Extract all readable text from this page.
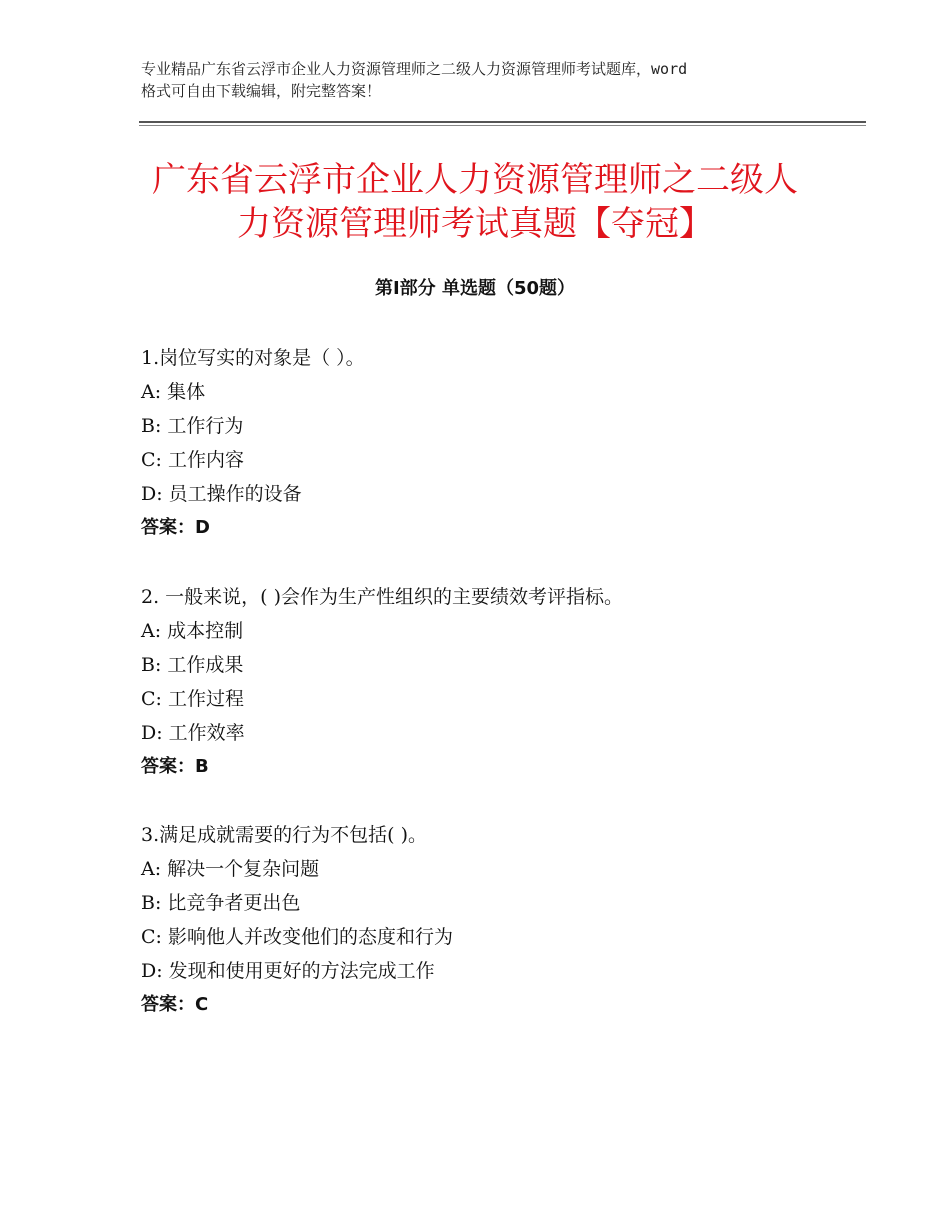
专业精品广东省云浮市企业人力资源管理师之二级人力资源管理师考试题库，word
格式可自由下载编辑，附完整答案！
广东省云浮市企业人力资源管理师之二级人
力资源管理师考试真题【夺冠】
第Ⅰ部分 单选题（50题）
1.岗位写实的对象是（ ）。
A: 集体
B: 工作行为
C: 工作内容
D: 员工操作的设备
答案：D
2. 一般来说，( )会作为生产性组织的主要绩效考评指标。
A: 成本控制
B: 工作成果
C: 工作过程
D: 工作效率
答案：B
3.满足成就需要的行为不包括( )。
A: 解决一个复杂问题
B: 比竞争者更出色
C: 影响他人并改变他们的态度和行为
D: 发现和使用更好的方法完成工作
答案：C
